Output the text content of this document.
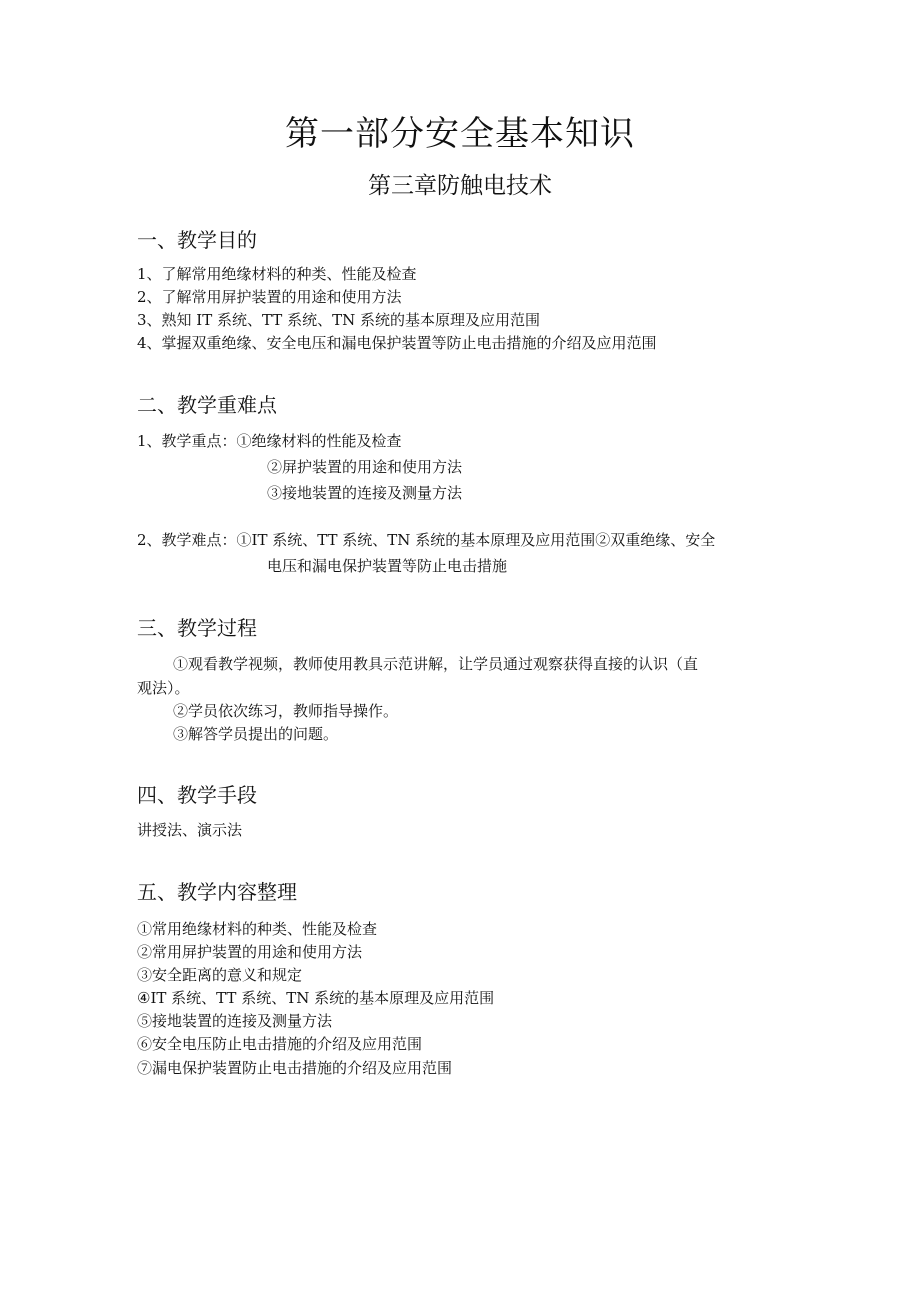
第一部分安全基本知识
第三章防触电技术
一、教学目的
1、了解常用绝缘材料的种类、性能及检查
2、了解常用屏护装置的用途和使用方法
3、熟知 IT 系统、TT 系统、TN 系统的基本原理及应用范围
4、掌握双重绝缘、安全电压和漏电保护装置等防止电击措施的介绍及应用范围
二、教学重难点
1、教学重点：①绝缘材料的性能及检查
②屏护装置的用途和使用方法
③接地装置的连接及测量方法
2、教学难点：①IT 系统、TT 系统、TN 系统的基本原理及应用范围②双重绝缘、安全
电压和漏电保护装置等防止电击措施
三、教学过程
①观看教学视频，教师使用教具示范讲解，让学员通过观察获得直接的认识（直
观法）。
②学员依次练习，教师指导操作。
③解答学员提出的问题。
四、教学手段
讲授法、演示法
五、教学内容整理
①常用绝缘材料的种类、性能及检查
②常用屏护装置的用途和使用方法
③安全距离的意义和规定
④IT 系统、TT 系统、TN 系统的基本原理及应用范围
⑤接地装置的连接及测量方法
⑥安全电压防止电击措施的介绍及应用范围
⑦漏电保护装置防止电击措施的介绍及应用范围
